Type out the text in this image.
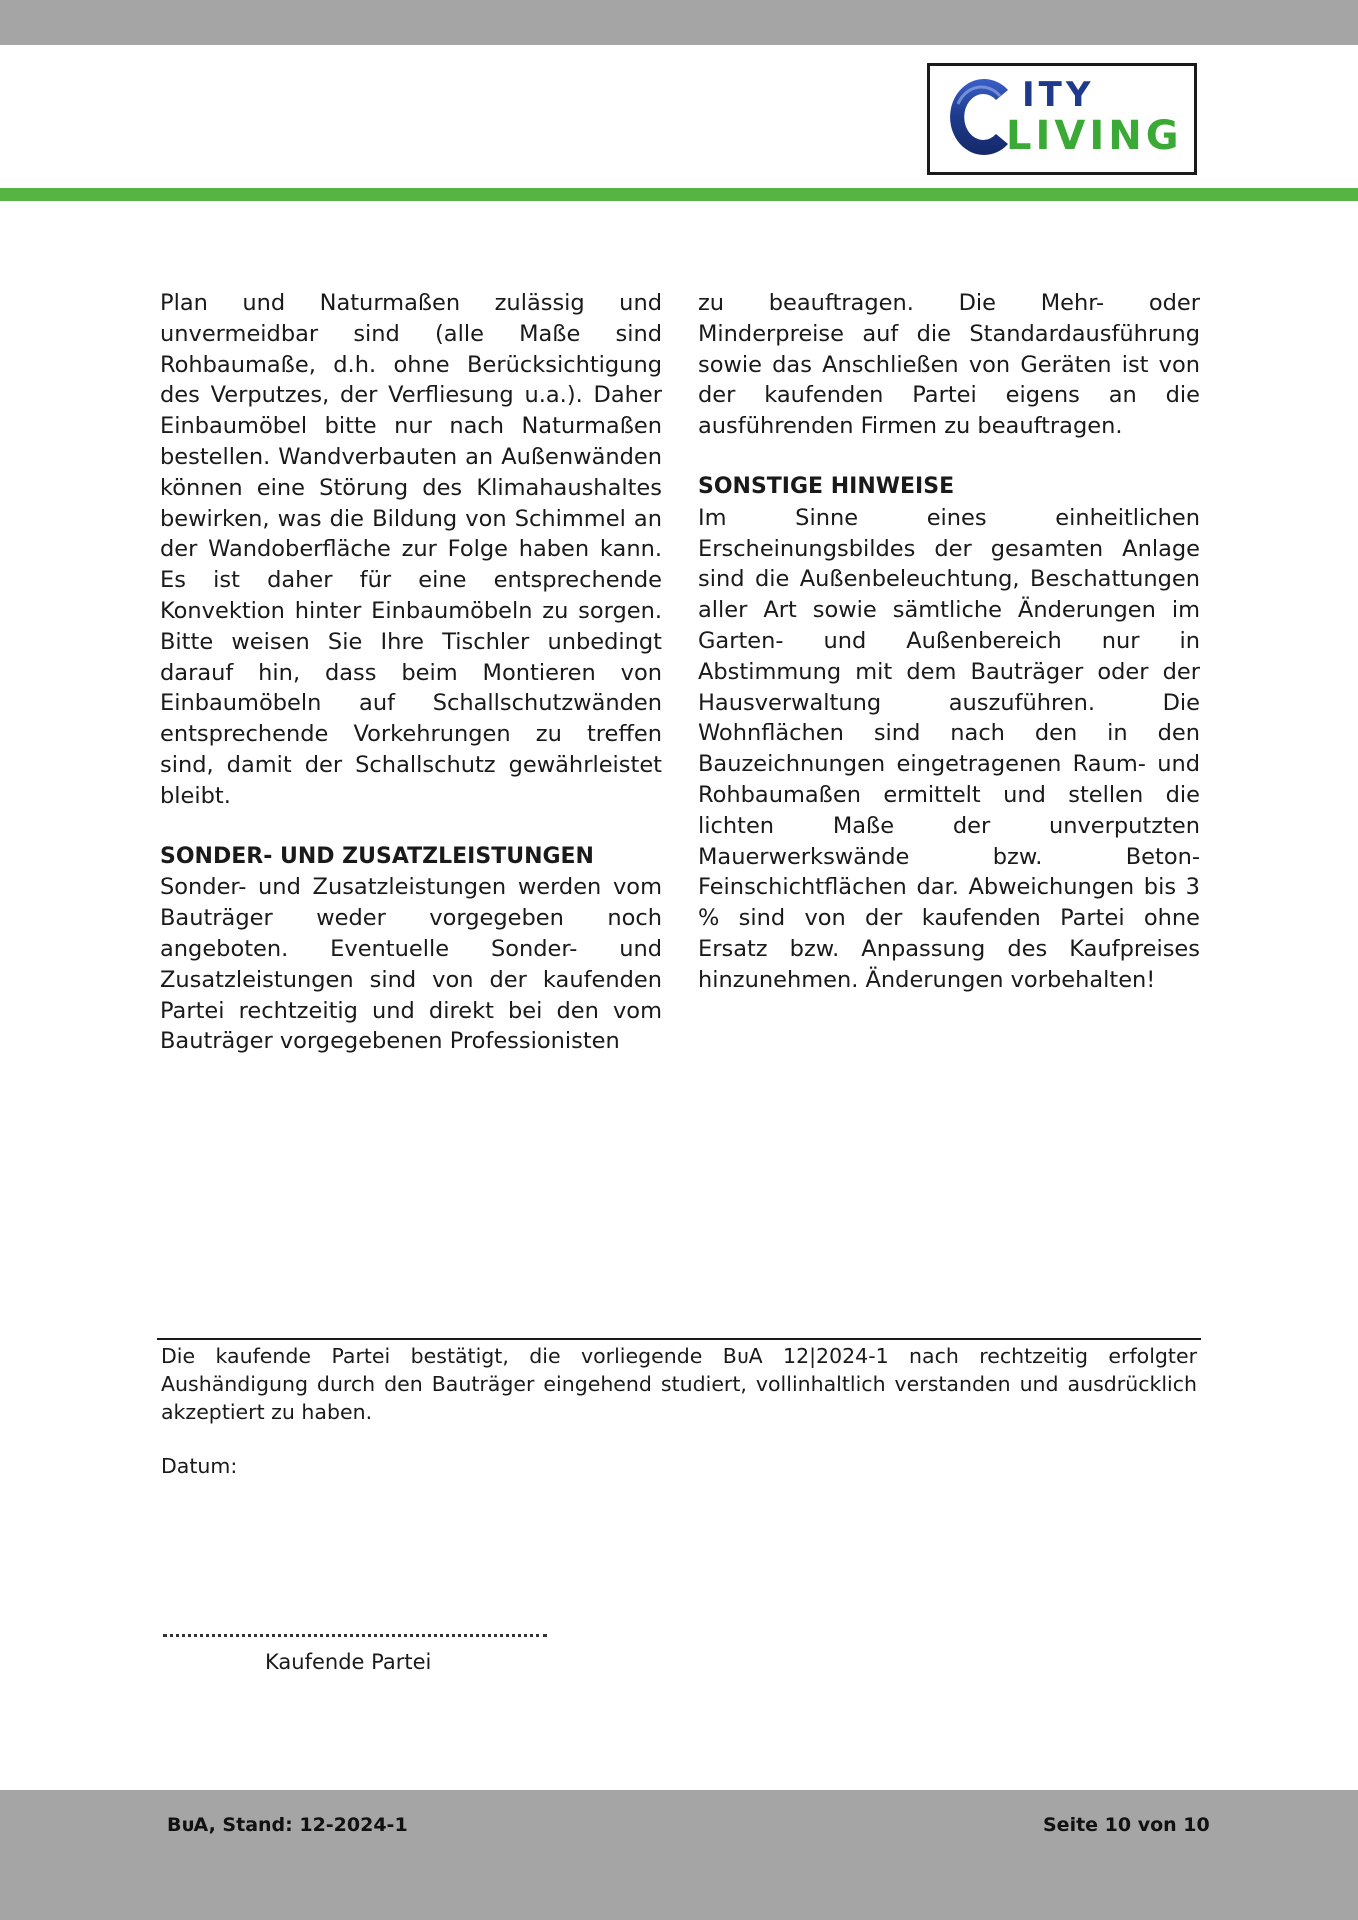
ITY
LIVING

Plan und Naturmaßen zulässig und unvermeidbar sind (alle Maße sind Rohbaumaße, d.h. ohne Berücksichtigung des Verputzes, der Verfliesung u.a.). Daher Einbaumöbel bitte nur nach Naturmaßen bestellen. Wandverbauten an Außenwänden können eine Störung des Klimahaushaltes bewirken, was die Bildung von Schimmel an der Wandoberfläche zur Folge haben kann. Es ist daher für eine entsprechende Konvektion hinter Einbaumöbeln zu sorgen. Bitte weisen Sie Ihre Tischler unbedingt darauf hin, dass beim Montieren von Einbaumöbeln auf Schallschutzwänden entsprechende Vorkehrungen zu treffen sind, damit der Schallschutz gewährleistet bleibt.

SONDER- UND ZUSATZLEISTUNGEN

Sonder- und Zusatzleistungen werden vom Bauträger weder vorgegeben noch angeboten. Eventuelle Sonder- und Zusatzleistungen sind von der kaufenden Partei rechtzeitig und direkt bei den vom Bauträger vorgegebenen Professionisten

zu beauftragen. Die Mehr- oder Minderpreise auf die Standardausführung sowie das Anschließen von Geräten ist von der kaufenden Partei eigens an die ausführenden Firmen zu beauftragen.

SONSTIGE HINWEISE

Im Sinne eines einheitlichen Erscheinungsbildes der gesamten Anlage sind die Außenbeleuchtung, Beschattungen aller Art sowie sämtliche Änderungen im Garten- und Außenbereich nur in Abstimmung mit dem Bauträger oder der Hausverwaltung auszuführen. Die Wohnflächen sind nach den in den Bauzeichnungen eingetragenen Raum- und Rohbaumaßen ermittelt und stellen die lichten Maße der unverputzten Mauerwerkswände bzw. Beton-Feinschichtflächen dar. Abweichungen bis 3 % sind von der kaufenden Partei ohne Ersatz bzw. Anpassung des Kaufpreises hinzunehmen. Änderungen vorbehalten!

Die kaufende Partei bestätigt, die vorliegende BᴜA 12|2024-1 nach rechtzeitig erfolgter Aushändigung durch den Bauträger eingehend studiert, vollinhaltlich verstanden und ausdrücklich akzeptiert zu haben.

Datum:
Kaufende Partei
BᴜA, Stand: 12-2024-1	Seite 10 von 10
